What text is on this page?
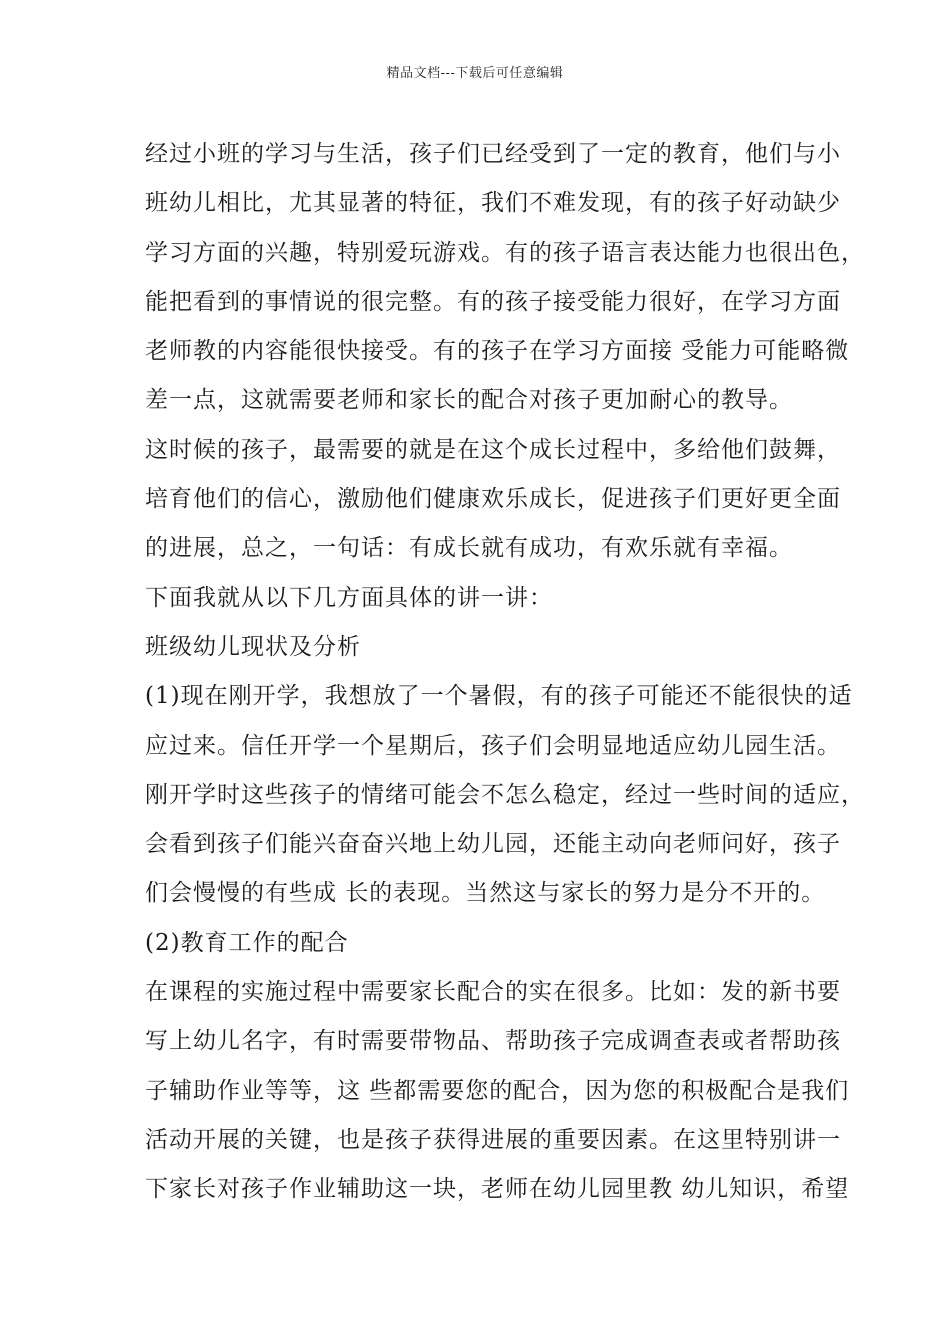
精品文档---下载后可任意编辑
经过小班的学习与生活，孩子们已经受到了一定的教育，他们与小
班幼儿相比，尤其显著的特征，我们不难发现，有的孩子好动缺少
学习方面的兴趣，特别爱玩游戏。有的孩子语言表达能力也很出色，
能把看到的事情说的很完整。有的孩子接受能力很好，在学习方面
老师教的内容能很快接受。有的孩子在学习方面接 受能力可能略微
差一点，这就需要老师和家长的配合对孩子更加耐心的教导。
这时候的孩子，最需要的就是在这个成长过程中，多给他们鼓舞，
培育他们的信心，激励他们健康欢乐成长，促进孩子们更好更全面
的进展，总之，一句话：有成长就有成功，有欢乐就有幸福。
下面我就从以下几方面具体的讲一讲：
班级幼儿现状及分析
(1)现在刚开学，我想放了一个暑假，有的孩子可能还不能很快的适
应过来。信任开学一个星期后，孩子们会明显地适应幼儿园生活。
刚开学时这些孩子的情绪可能会不怎么稳定，经过一些时间的适应，
会看到孩子们能兴奋奋兴地上幼儿园，还能主动向老师问好，孩子
们会慢慢的有些成 长的表现。当然这与家长的努力是分不开的。
(2)教育工作的配合
在课程的实施过程中需要家长配合的实在很多。比如：发的新书要
写上幼儿名字，有时需要带物品、帮助孩子完成调查表或者帮助孩
子辅助作业等等，这 些都需要您的配合，因为您的积极配合是我们
活动开展的关键，也是孩子获得进展的重要因素。在这里特别讲一
下家长对孩子作业辅助这一块，老师在幼儿园里教 幼儿知识，希望
